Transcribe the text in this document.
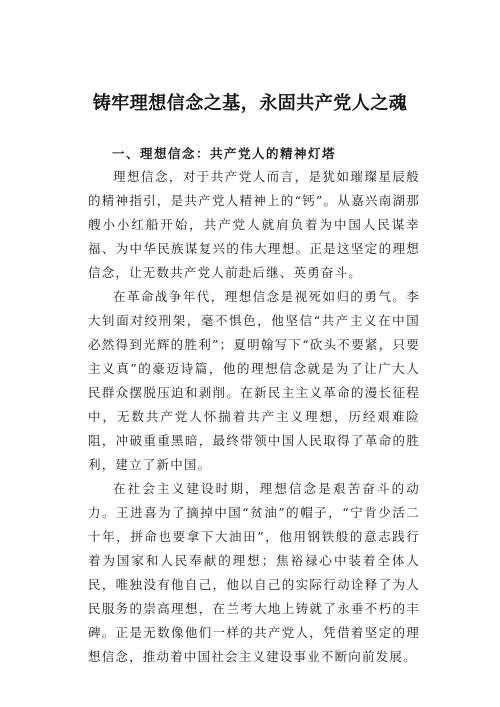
铸牢理想信念之基，永固共产党人之魂
一、理想信念：共产党人的精神灯塔

理想信念，对于共产党人而言，是犹如璀璨星辰般的精神指引，是共产党人精神上的“钙”。从嘉兴南湖那艘小小红船开始，共产党人就肩负着为中国人民谋幸福、为中华民族谋复兴的伟大理想。正是这坚定的理想信念，让无数共产党人前赴后继、英勇奋斗。

在革命战争年代，理想信念是视死如归的勇气。李大钊面对绞刑架，毫不惧色，他坚信“共产主义在中国必然得到光辉的胜利”；夏明翰写下“砍头不要紧，只要主义真”的豪迈诗篇，他的理想信念就是为了让广大人民群众摆脱压迫和剥削。在新民主主义革命的漫长征程中，无数共产党人怀揣着共产主义理想，历经艰难险阻，冲破重重黑暗，最终带领中国人民取得了革命的胜利，建立了新中国。

在社会主义建设时期，理想信念是艰苦奋斗的动力。王进喜为了摘掉中国“贫油”的帽子，“宁肯少活二十年，拼命也要拿下大油田”，他用钢铁般的意志践行着为国家和人民奉献的理想；焦裕禄心中装着全体人民，唯独没有他自己，他以自己的实际行动诠释了为人民服务的崇高理想，在兰考大地上铸就了永垂不朽的丰碑。正是无数像他们一样的共产党人，凭借着坚定的理想信念，推动着中国社会主义建设事业不断向前发展。
